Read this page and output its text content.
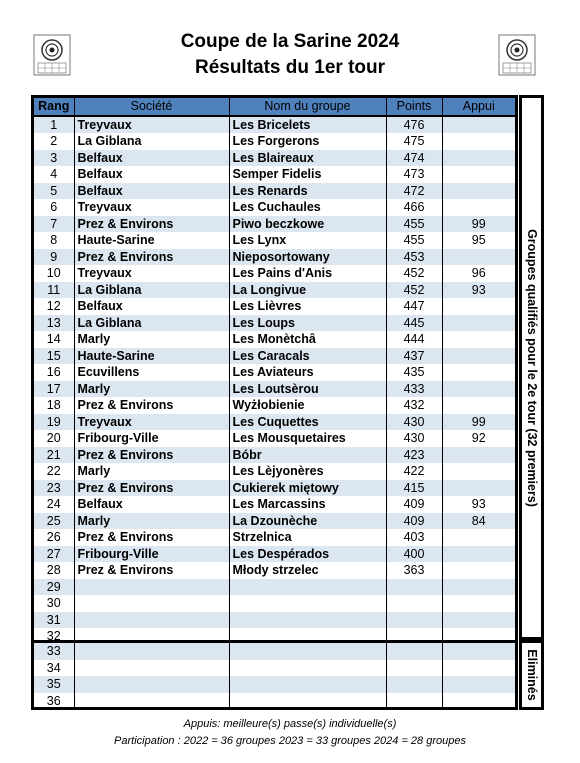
Coupe de la Sarine 2024
Résultats du 1er tour
Rang	Société	Nom du groupe	Points	Appui
1	Treyvaux	Les Bricelets	476	
2	La Giblana	Les Forgerons	475	
3	Belfaux	Les Blaireaux	474	
4	Belfaux	Semper Fidelis	473	
5	Belfaux	Les Renards	472	
6	Treyvaux	Les Cuchaules	466	
7	Prez & Environs	Piwo beczkowe	455	99
8	Haute-Sarine	Les Lynx	455	95
9	Prez & Environs	Nieposortowany	453	
10	Treyvaux	Les Pains d'Anis	452	96
11	La Giblana	La Longivue	452	93
12	Belfaux	Les Lièvres	447	
13	La Giblana	Les Loups	445	
14	Marly	Les Monètchâ	444	
15	Haute-Sarine	Les Caracals	437	
16	Ecuvillens	Les Aviateurs	435	
17	Marly	Les Loutsèrou	433	
18	Prez & Environs	Wyżłobienie	432	
19	Treyvaux	Les Cuquettes	430	99
20	Fribourg-Ville	Les Mousquetaires	430	92
21	Prez & Environs	Bóbr	423	
22	Marly	Les Lèjyonères	422	
23	Prez & Environs	Cukierek miętowy	415	
24	Belfaux	Les Marcassins	409	93
25	Marly	La Dzounèche	409	84
26	Prez & Environs	Strzelnica	403	
27	Fribourg-Ville	Les Despérados	400	
28	Prez & Environs	Młody strzelec	363	
29				
30				
31				
32				
33				
34				
35				
36				
Groupes qualifiés pour le 2e tour (32 premiers)
Eliminés
Appuis: meilleure(s) passe(s) individuelle(s)
Participation : 2022 = 36 groupes 2023 = 33 groupes 2024 = 28 groupes
